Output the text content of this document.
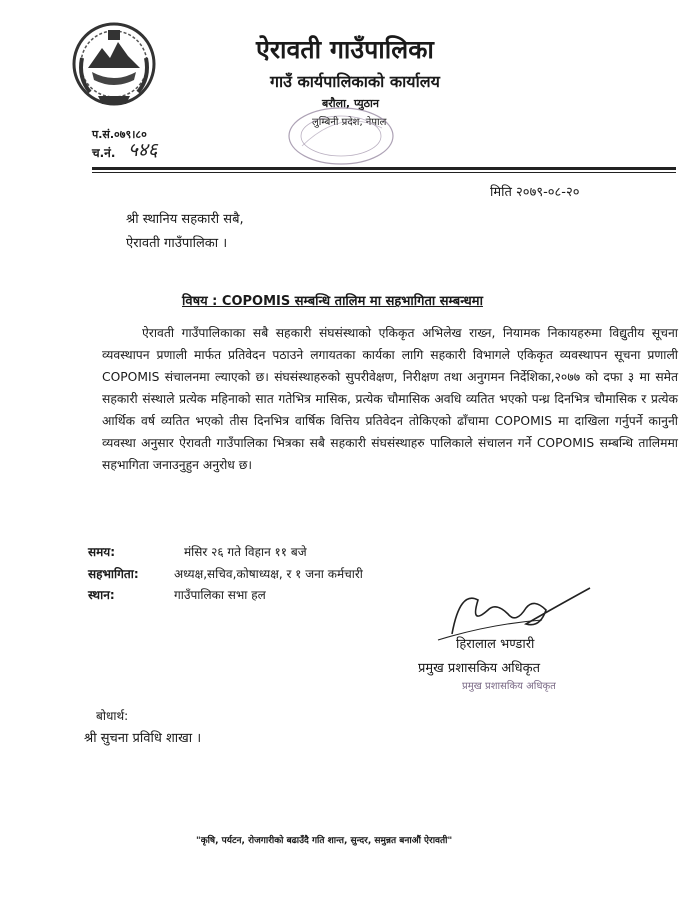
ऐरावती गाउँपालिका
गाउँ कार्यपालिकाको कार्यालय
बरौला, प्युठान
लुम्बिनी प्रदेश, नेपाल
प.सं.०७९।८०
च.नं. ५४६
मिति २०७९-०८-२०
श्री स्थानिय सहकारी सबै,
ऐरावती गाउँपालिका ।
विषय : COPOMIS सम्बन्धि तालिम मा सहभागिता सम्बन्धमा
ऐरावती गाउँपालिकाका सबै सहकारी संघसंस्थाको एकिकृत अभिलेख राख्न, नियामक निकायहरुमा विद्युतीय सूचना व्यवस्थापन प्रणाली मार्फत प्रतिवेदन पठाउने लगायतका कार्यका लागि सहकारी विभागले एकिकृत व्यवस्थापन सूचना प्रणाली COPOMIS संचालनमा ल्याएको छ। संघसंस्थाहरुको सुपरीवेक्षण, निरीक्षण तथा अनुगमन निर्देशिका,२०७७ को दफा ३ मा समेत सहकारी संस्थाले प्रत्येक महिनाको सात गतेभित्र मासिक, प्रत्येक चौमासिक अवधि व्यतित भएको पन्ध्र दिनभित्र चौमासिक र प्रत्येक आर्थिक वर्ष व्यतित भएको तीस दिनभित्र वार्षिक वित्तिय प्रतिवेदन तोकिएको ढाँचामा COPOMIS मा दाखिला गर्नुपर्ने कानुनी व्यवस्था अनुसार ऐरावती गाउँपालिका भित्रका सबै सहकारी संघसंस्थाहरु पालिकाले संचालन गर्ने COPOMIS सम्बन्धि तालिममा सहभागिता जनाउनुहुन अनुरोध छ।
समय:	मंसिर २६ गते विहान ११ बजे
सहभागिता:	अध्यक्ष,सचिव,कोषाध्यक्ष, र १ जना कर्मचारी
स्थान:	गाउँपालिका सभा हल
हिरालाल भण्डारी
प्रमुख प्रशासकिय अधिकृत
प्रमुख प्रशासकिय अधिकृत
बोधार्थ:
श्री सुचना प्रविधि शाखा ।
"कृषि, पर्यटन, रोजगारीको बढाउँदै गति शान्त, सुन्दर, समुन्नत बनाऔं ऐरावती"
